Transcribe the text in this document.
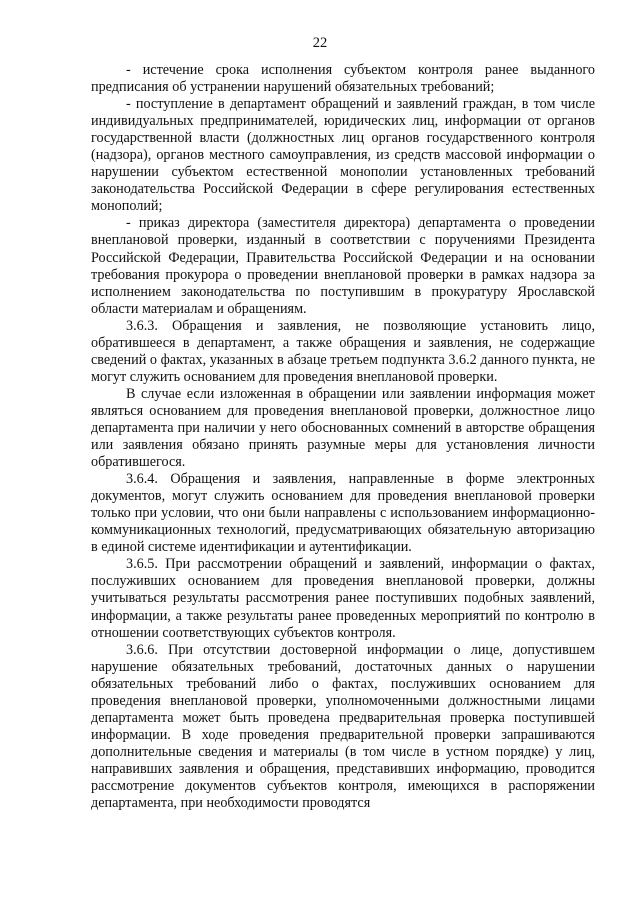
22

- истечение срока исполнения субъектом контроля ранее выданного предписания об устранении нарушений обязательных требований;

- поступление в департамент обращений и заявлений граждан, в том числе индивидуальных предпринимателей, юридических лиц, информации от органов государственной власти (должностных лиц органов государственного контроля (надзора), органов местного самоуправления, из средств массовой информации о нарушении субъектом естественной монополии установленных требований законодательства Российской Федерации в сфере регулирования естественных монополий;

- приказ директора (заместителя директора) департамента о проведении внеплановой проверки, изданный в соответствии с поручениями Президента Российской Федерации, Правительства Российской Федерации и на основании требования прокурора о проведении внеплановой проверки в рамках надзора за исполнением законодательства по поступившим в прокуратуру Ярославской области материалам и обращениям.

3.6.3. Обращения и заявления, не позволяющие установить лицо, обратившееся в департамент, а также обращения и заявления, не содержащие сведений о фактах, указанных в абзаце третьем подпункта 3.6.2 данного пункта, не могут служить основанием для проведения внеплановой проверки.

В случае если изложенная в обращении или заявлении информация может являться основанием для проведения внеплановой проверки, должностное лицо департамента при наличии у него обоснованных сомнений в авторстве обращения или заявления обязано принять разумные меры для установления личности обратившегося.

3.6.4. Обращения и заявления, направленные в форме электронных документов, могут служить основанием для проведения внеплановой проверки только при условии, что они были направлены с использованием информационно-коммуникационных технологий, предусматривающих обязательную авторизацию в единой системе идентификации и аутентификации.

3.6.5. При рассмотрении обращений и заявлений, информации о фактах, послуживших основанием для проведения внеплановой проверки, должны учитываться результаты рассмотрения ранее поступивших подобных заявлений, информации, а также результаты ранее проведенных мероприятий по контролю в отношении соответствующих субъектов контроля.

3.6.6. При отсутствии достоверной информации о лице, допустившем нарушение обязательных требований, достаточных данных о нарушении обязательных требований либо о фактах, послуживших основанием для проведения внеплановой проверки, уполномоченными должностными лицами департамента может быть проведена предварительная проверка поступившей информации. В ходе проведения предварительной проверки запрашиваются дополнительные сведения и материалы (в том числе в устном порядке) у лиц, направивших заявления и обращения, представивших информацию, проводится рассмотрение документов субъектов контроля, имеющихся в распоряжении департамента, при необходимости проводятся
